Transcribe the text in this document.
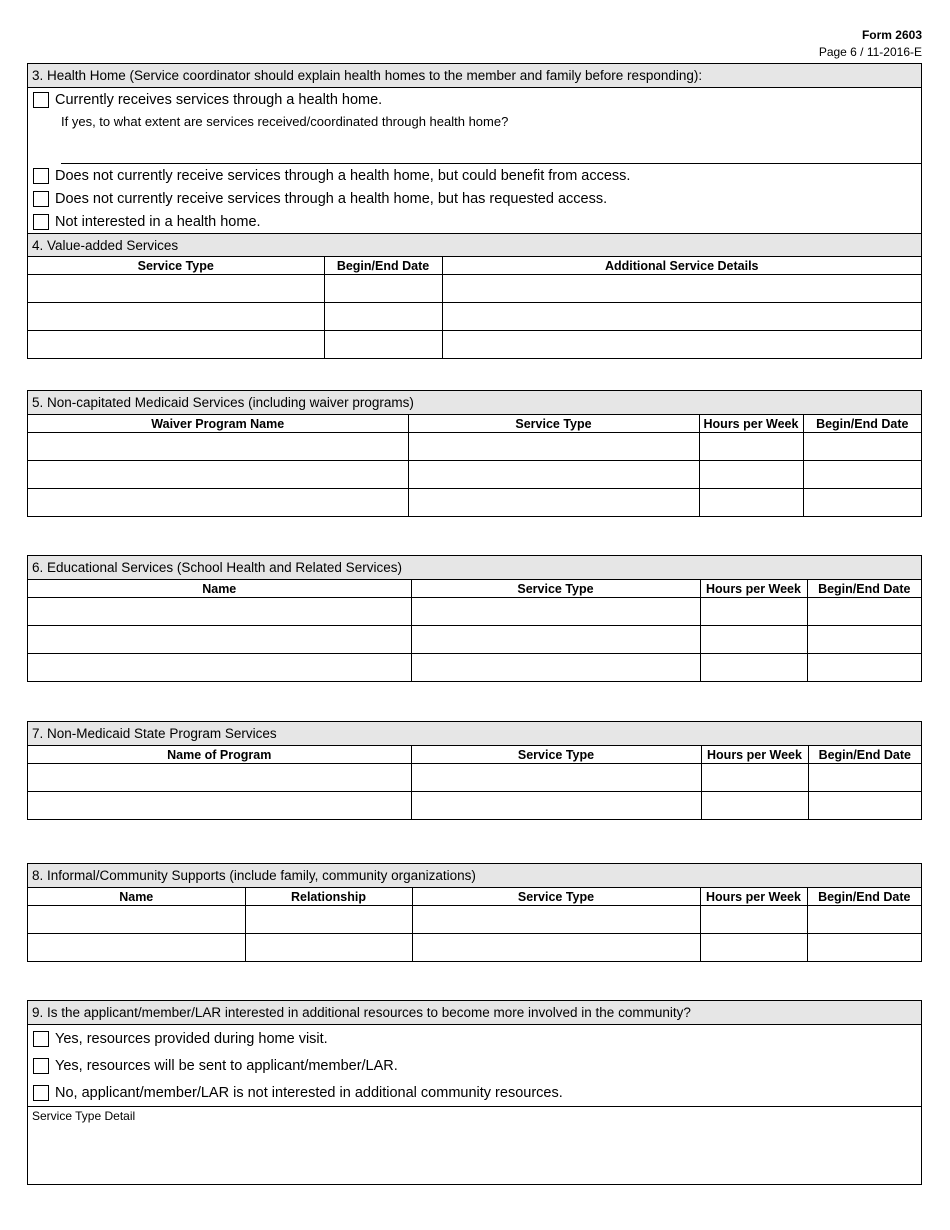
Form 2603
Page 6 / 11-2016-E
3. Health Home (Service coordinator should explain health homes to the member and family before responding):
Currently receives services through a health home.
If yes, to what extent are services received/coordinated through health home?
Does not currently receive services through a health home, but could benefit from access.
Does not currently receive services through a health home, but has requested access.
Not interested in a health home.
4. Value-added Services
Service Type	Begin/End Date	Additional Service Details

5. Non-capitated Medicaid Services (including waiver programs)
Waiver Program Name	Service Type	Hours per Week	Begin/End Date

6. Educational Services (School Health and Related Services)
Name	Service Type	Hours per Week	Begin/End Date

7. Non-Medicaid State Program Services
Name of Program	Service Type	Hours per Week	Begin/End Date

8. Informal/Community Supports (include family, community organizations)
Name	Relationship	Service Type	Hours per Week	Begin/End Date

9. Is the applicant/member/LAR interested in additional resources to become more involved in the community?
Yes, resources provided during home visit.
Yes, resources will be sent to applicant/member/LAR.
No, applicant/member/LAR is not interested in additional community resources.
Service Type Detail
